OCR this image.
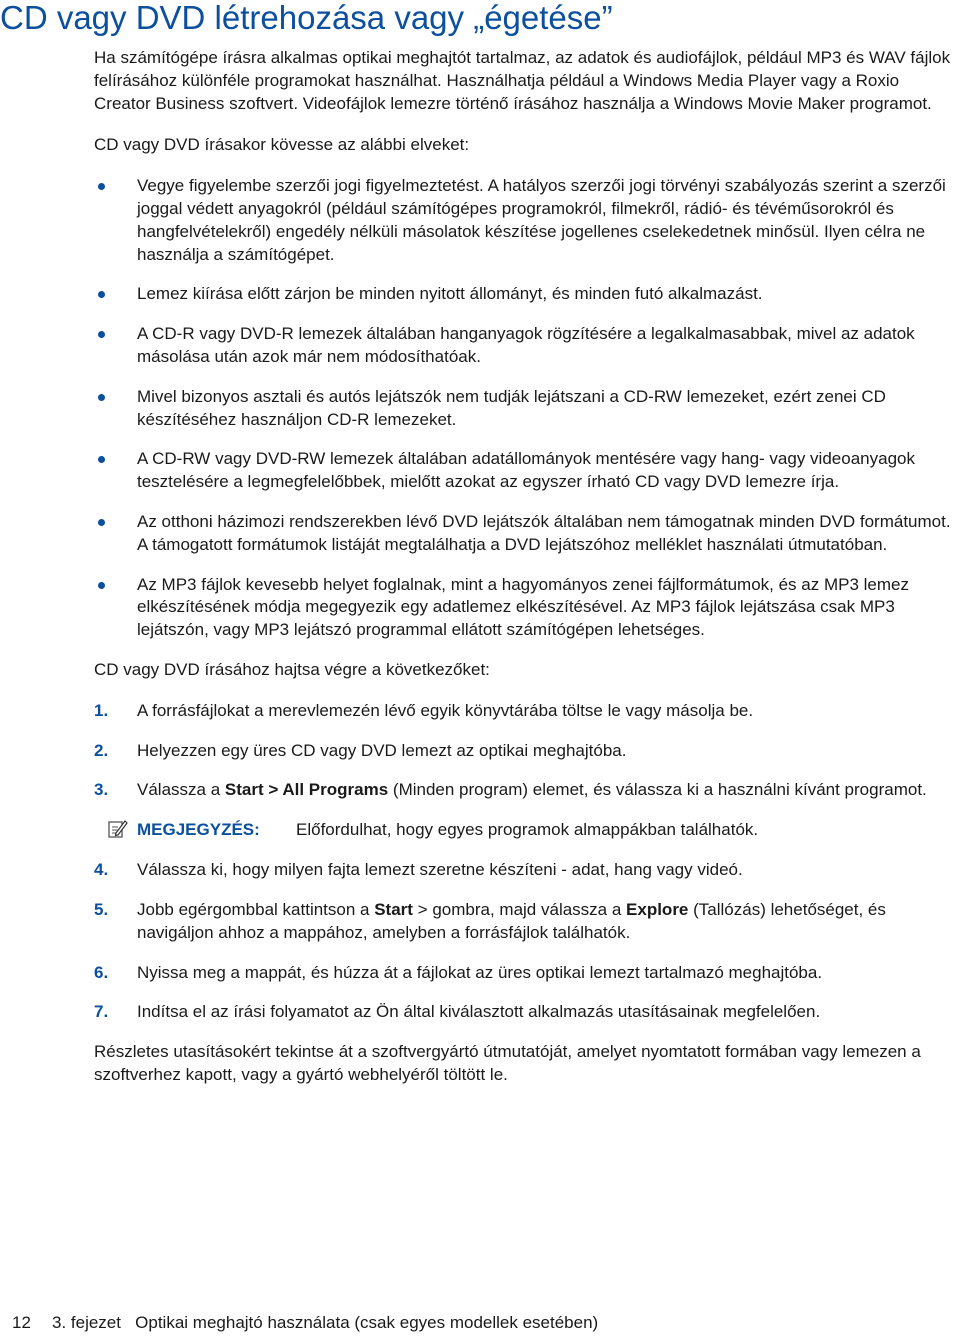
CD vagy DVD létrehozása vagy „égetése”

Ha számítógépe írásra alkalmas optikai meghajtót tartalmaz, az adatok és audiofájlok, például MP3 és WAV fájlok felírásához különféle programokat használhat. Használhatja például a Windows Media Player vagy a Roxio Creator Business szoftvert. Videofájlok lemezre történő írásához használja a Windows Movie Maker programot.

CD vagy DVD írásakor kövesse az alábbi elveket:

Vegye figyelembe szerzői jogi figyelmeztetést. A hatályos szerzői jogi törvényi szabályozás szerint a szerzői joggal védett anyagokról (például számítógépes programokról, filmekről, rádió- és tévéműsorokról és hangfelvételekről) engedély nélküli másolatok készítése jogellenes cselekedetnek minősül. Ilyen célra ne használja a számítógépet.
Lemez kiírása előtt zárjon be minden nyitott állományt, és minden futó alkalmazást.
A CD-R vagy DVD-R lemezek általában hanganyagok rögzítésére a legalkalmasabbak, mivel az adatok másolása után azok már nem módosíthatóak.
Mivel bizonyos asztali és autós lejátszók nem tudják lejátszani a CD-RW lemezeket, ezért zenei CD készítéséhez használjon CD-R lemezeket.
A CD-RW vagy DVD-RW lemezek általában adatállományok mentésére vagy hang- vagy videoanyagok tesztelésére a legmegfelelőbbek, mielőtt azokat az egyszer írható CD vagy DVD lemezre írja.
Az otthoni házimozi rendszerekben lévő DVD lejátszók általában nem támogatnak minden DVD formátumot. A támogatott formátumok listáját megtalálhatja a DVD lejátszóhoz melléklet használati útmutatóban.
Az MP3 fájlok kevesebb helyet foglalnak, mint a hagyományos zenei fájlformátumok, és az MP3 lemez elkészítésének módja megegyezik egy adatlemez elkészítésével. Az MP3 fájlok lejátszása csak MP3 lejátszón, vagy MP3 lejátszó programmal ellátott számítógépen lehetséges.

CD vagy DVD írásához hajtsa végre a következőket:

1. A forrásfájlokat a merevlemezén lévő egyik könyvtárába töltse le vagy másolja be.
2. Helyezzen egy üres CD vagy DVD lemezt az optikai meghajtóba.
3. Válassza a Start > All Programs (Minden program) elemet, és válassza ki a használni kívánt programot.
MEGJEGYZÉS: Előfordulhat, hogy egyes programok almappákban találhatók.
4. Válassza ki, hogy milyen fajta lemezt szeretne készíteni - adat, hang vagy videó.
5. Jobb egérgombbal kattintson a Start > gombra, majd válassza a Explore (Tallózás) lehetőséget, és navigáljon ahhoz a mappához, amelyben a forrásfájlok találhatók.
6. Nyissa meg a mappát, és húzza át a fájlokat az üres optikai lemezt tartalmazó meghajtóba.
7. Indítsa el az írási folyamatot az Ön által kiválasztott alkalmazás utasításainak megfelelően.

Részletes utasításokért tekintse át a szoftvergyártó útmutatóját, amelyet nyomtatott formában vagy lemezen a szoftverhez kapott, vagy a gyártó webhelyéről töltött le.

12 3. fejezet   Optikai meghajtó használata (csak egyes modellek esetében)
